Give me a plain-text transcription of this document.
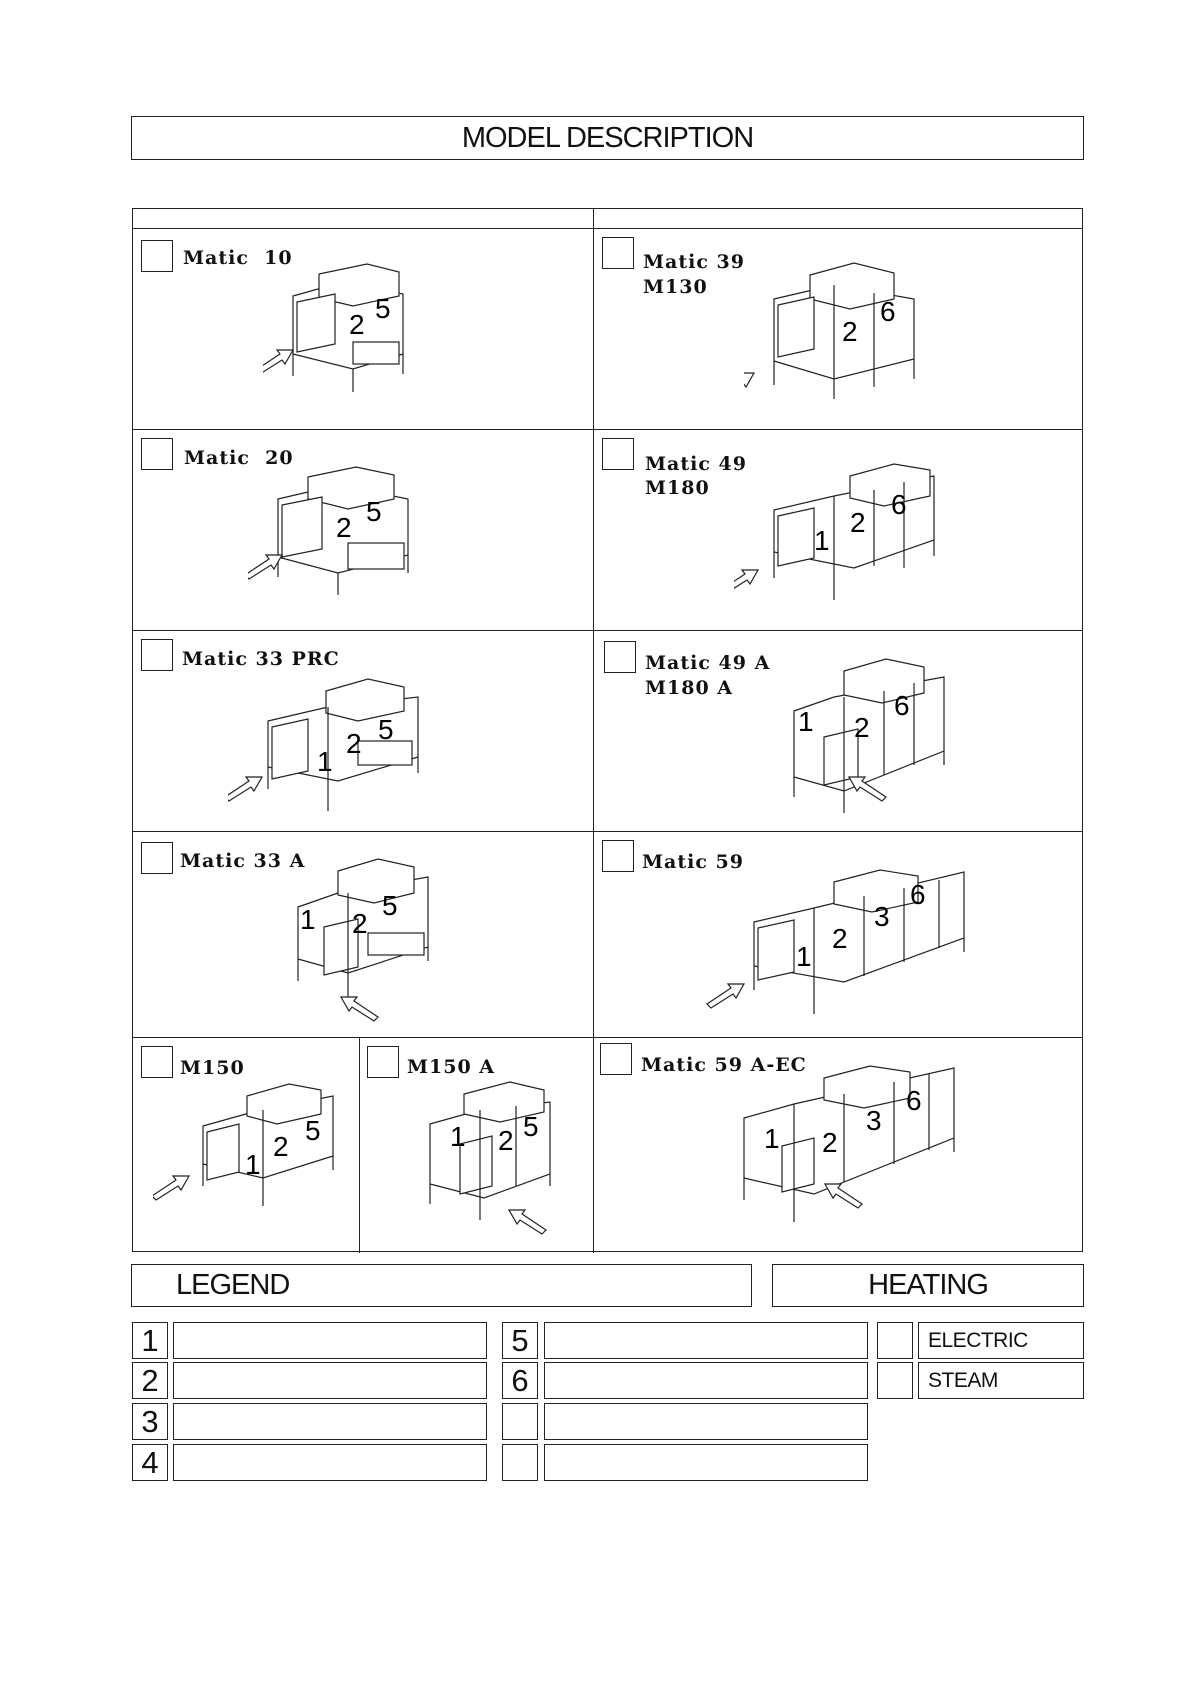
MODEL DESCRIPTION
Matic  10
2
5
Matic 39
M130
2
6
Matic  20
2
5
Matic 49
M180
1
2
6
Matic 33 PRC
1
2 5
Matic 49 A
M180 A
1 2
6
Matic 33 A
1 2
5
Matic 59
1
2
3
6
M150
1
2
5
M150 A
1 2 5
Matic 59 A-EC
1 2
3
6
LEGEND	HEATING
1
2
3
4
5
6
ELECTRIC
STEAM
